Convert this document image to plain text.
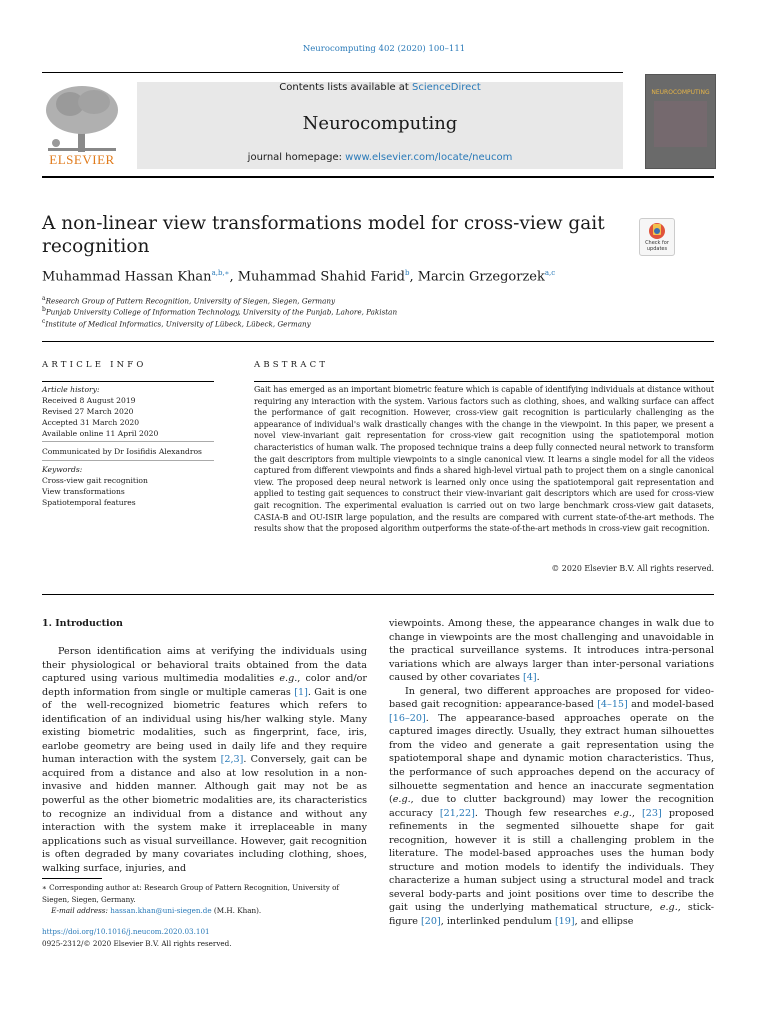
Neurocomputing 402 (2020) 100–111
Contents lists available at ScienceDirect
Neurocomputing
journal homepage: www.elsevier.com/locate/neucom
ELSEVIER
NEUROCOMPUTING
A non-linear view transformations model for cross-view gait recognition	Check for updates
Muhammad Hassan Khan$^{a,b,∗}$, Muhammad Shahid Farid$^b$, Marcin Grzegorzek$^{a,c}$
$^a$Research Group of Pattern Recognition, University of Siegen, Siegen, Germany
$^b$Punjab University College of Information Technology, University of the Punjab, Lahore, Pakistan
$^c$Institute of Medical Informatics, University of Lübeck, Lübeck, Germany
ARTICLE INFO
Article history:
Received 8 August 2019
Revised 27 March 2020
Accepted 31 March 2020
Available online 11 April 2020
Communicated by Dr Iosifidis Alexandros
Keywords:
Cross-view gait recognition
View transformations
Spatiotemporal features
ABSTRACT
Gait has emerged as an important biometric feature which is capable of identifying individuals at distance without requiring any interaction with the system. Various factors such as clothing, shoes, and walking surface can affect the performance of gait recognition. However, cross-view gait recognition is particularly challenging as the appearance of individual's walk drastically changes with the change in the viewpoint. In this paper, we present a novel view-invariant gait representation for cross-view gait recognition using the spatiotemporal motion characteristics of human walk. The proposed technique trains a deep fully connected neural network to transform the gait descriptors from multiple viewpoints to a single canonical view. It learns a single model for all the videos captured from different viewpoints and finds a shared high-level virtual path to project them on a single canonical view. The proposed deep neural network is learned only once using the spatiotemporal gait representation and applied to testing gait sequences to construct their view-invariant gait descriptors which are used for cross-view gait recognition. The experimental evaluation is carried out on two large benchmark cross-view gait datasets, CASIA-B and OU-ISIR large population, and the results are compared with current state-of-the-art methods. The results show that the proposed algorithm outperforms the state-of-the-art methods in cross-view gait recognition.
© 2020 Elsevier B.V. All rights reserved.
1. Introduction

Person identification aims at verifying the individuals using their physiological or behavioral traits obtained from the data captured using various multimedia modalities e.g., color and/or depth information from single or multiple cameras [1]. Gait is one of the well-recognized biometric features which refers to identification of an individual using his/her walking style. Many existing biometric modalities, such as fingerprint, face, iris, earlobe geometry are being used in daily life and they require human interaction with the system [2,3]. Conversely, gait can be acquired from a distance and also at low resolution in a non-invasive and hidden manner. Although gait may not be as powerful as the other biometric modalities are, its characteristics to recognize an individual from a distance and without any interaction with the system make it irreplaceable in many applications such as visual surveillance. However, gait recognition is often degraded by many covariates including clothing, shoes, walking surface, injuries, and

viewpoints. Among these, the appearance changes in walk due to change in viewpoints are the most challenging and unavoidable in the practical surveillance systems. It introduces intra-personal variations which are always larger than inter-personal variations caused by other covariates [4].

In general, two different approaches are proposed for video-based gait recognition: appearance-based [4–15] and model-based [16–20]. The appearance-based approaches operate on the captured images directly. Usually, they extract human silhouettes from the video and generate a gait representation using the spatiotemporal shape and dynamic motion characteristics. Thus, the performance of such approaches depend on the accuracy of silhouette segmentation and hence an inaccurate segmentation (e.g., due to clutter background) may lower the recognition accuracy [21,22]. Though few researches e.g., [23] proposed refinements in the segmented silhouette shape for gait recognition, however it is still a challenging problem in the literature. The model-based approaches uses the human body structure and motion models to identify the individuals. They characterize a human subject using a structural model and track several body-parts and joint positions over time to describe the gait using the underlying mathematical structure, e.g., stick-figure [20], interlinked pendulum [19], and ellipse

∗ Corresponding author at: Research Group of Pattern Recognition, University of Siegen, Siegen, Germany.

E-mail address: hassan.khan@uni-siegen.de (M.H. Khan).

https://doi.org/10.1016/j.neucom.2020.03.101
0925-2312/© 2020 Elsevier B.V. All rights reserved.
